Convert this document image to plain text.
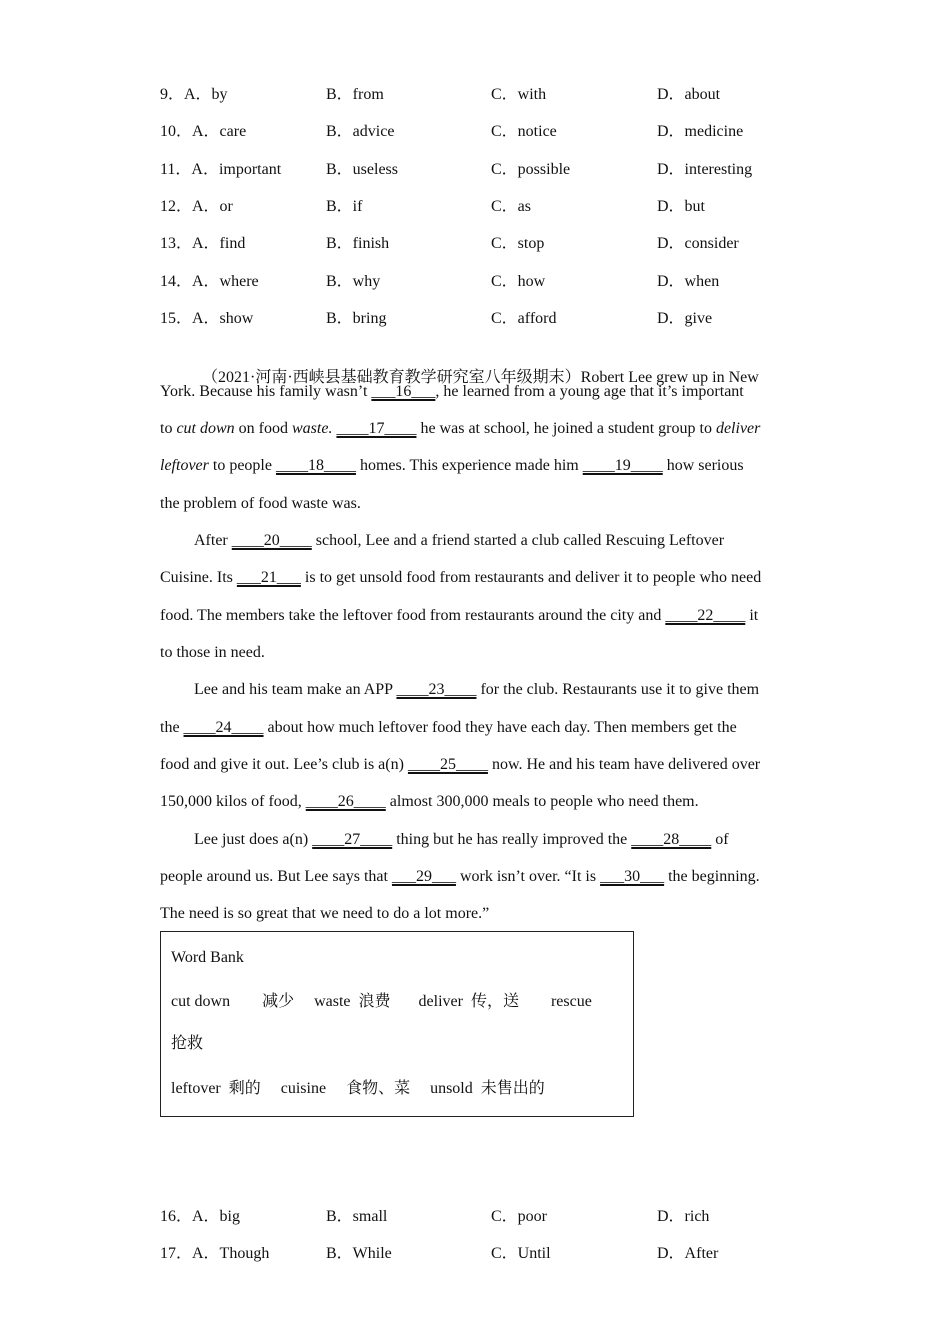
9．A．by	B．from	C．with	D．about
10．A．care	B．advice	C．notice	D．medicine
11．A．important	B．useless	C．possible	D．interesting
12．A．or	B．if	C．as	D．but
13．A．find	B．finish	C．stop	D．consider
14．A．where	B．why	C．how	D．when
15．A．show	B．bring	C．afford	D．give

（2021·河南·西峡县基础教育教学研究室八年级期末）Robert Lee grew up in New

York. Because his family wasn’t ___16___, he learned from a young age that it’s important
to cut down on food waste. ____17____ he was at school, he joined a student group to deliver
leftover to people ____18____ homes. This experience made him ____19____ how serious
the problem of food waste was.
After ____20____ school, Lee and a friend started a club called Rescuing Leftover
Cuisine. Its ___21___ is to get unsold food from restaurants and deliver it to people who need
food. The members take the leftover food from restaurants around the city and ____22____ it
to those in need.
Lee and his team make an APP ____23____ for the club. Restaurants use it to give them
the ____24____ about how much leftover food they have each day. Then members get the
food and give it out. Lee’s club is a(n) ____25____ now. He and his team have delivered over
150,000 kilos of food, ____26____ almost 300,000 meals to people who need them.
Lee just does a(n) ____27____ thing but he has really improved the ____28____ of
people around us. But Lee says that ___29___ work isn’t over. “It is ___30___ the beginning.
The need is so great that we need to do a lot more.”
Word Bank
cut down        减少     waste  浪费       deliver  传，送        rescue
抢救
leftover  剩的     cuisine     食物、菜     unsold  未售出的
16．A．big	B．small	C．poor	D．rich
17．A．Though	B．While	C．Until	D．After
